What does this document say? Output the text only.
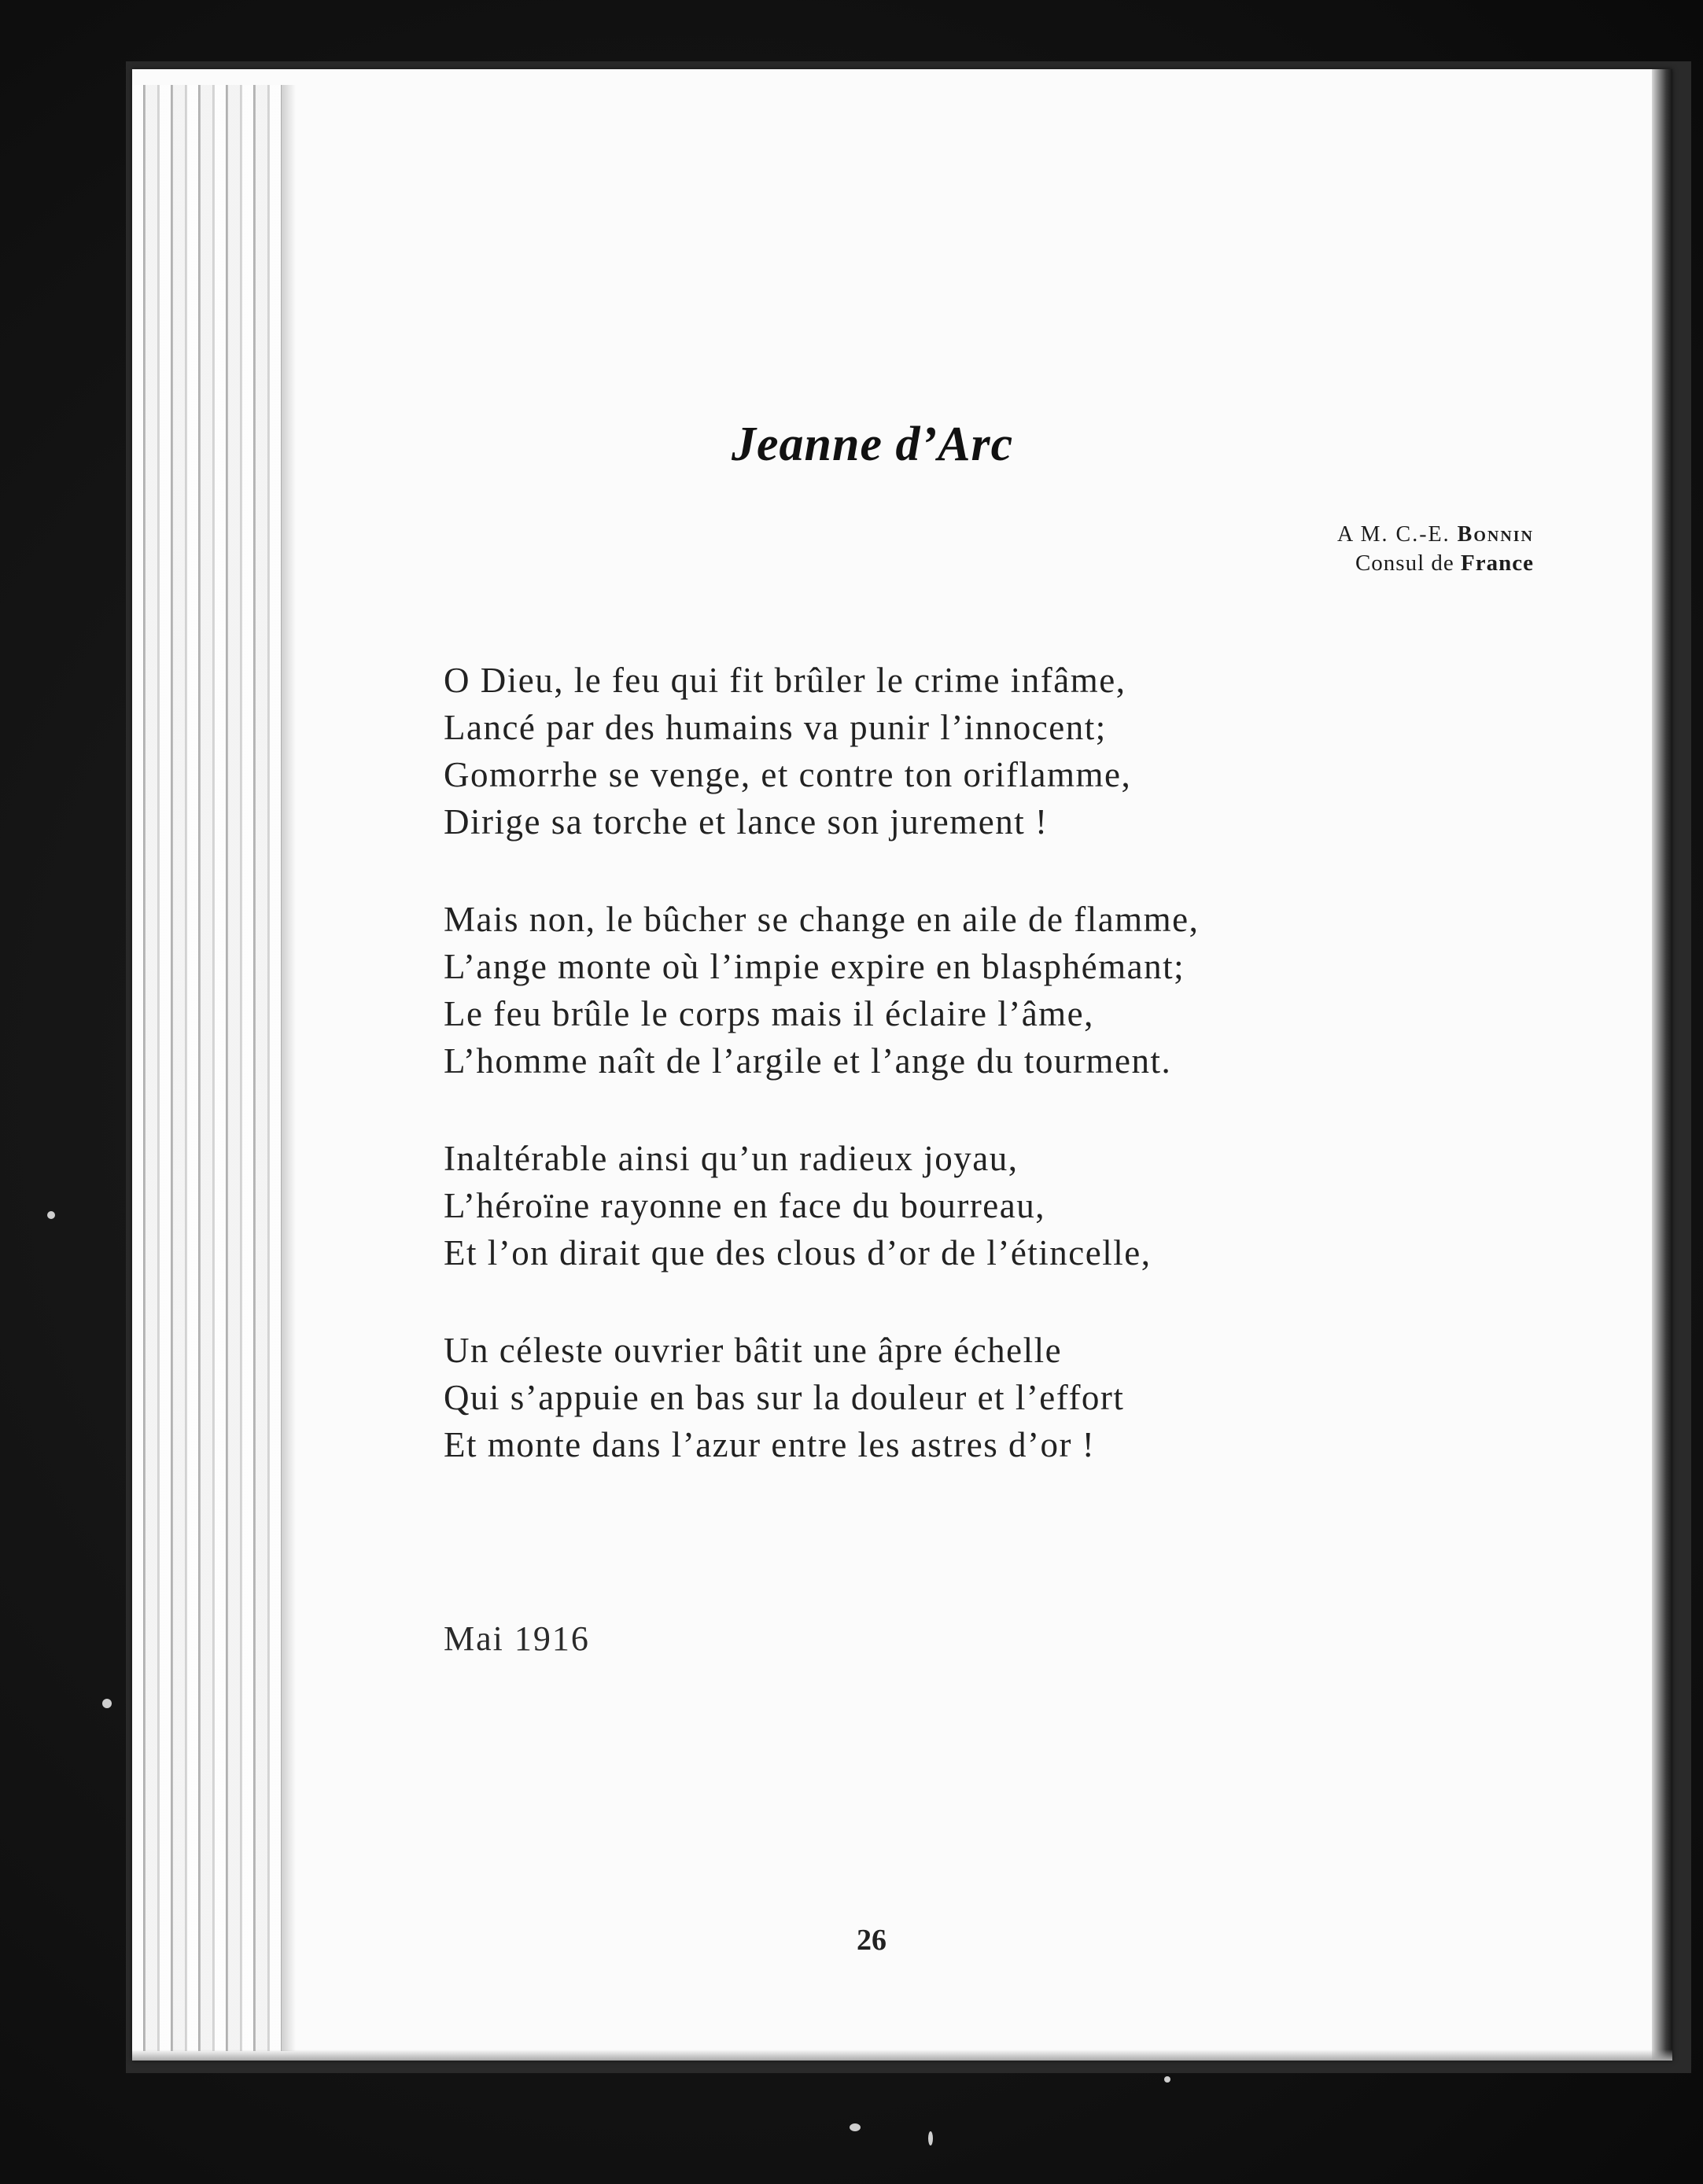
Jeanne d’Arc
A M. C.-E. Bonnin
Consul de France
O Dieu, le feu qui fit brûler le crime infâme,
Lancé par des humains va punir l’innocent;
Gomorrhe se venge, et contre ton oriflamme,
Dirige sa torche et lance son jurement !
Mais non, le bûcher se change en aile de flamme,
L’ange monte où l’impie expire en blasphémant;
Le feu brûle le corps mais il éclaire l’âme,
L’homme naît de l’argile et l’ange du tourment.
Inaltérable ainsi qu’un radieux joyau,
L’héroïne rayonne en face du bourreau,
Et l’on dirait que des clous d’or de l’étincelle,
Un céleste ouvrier bâtit une âpre échelle
Qui s’appuie en bas sur la douleur et l’effort
Et monte dans l’azur entre les astres d’or !
Mai 1916
26
